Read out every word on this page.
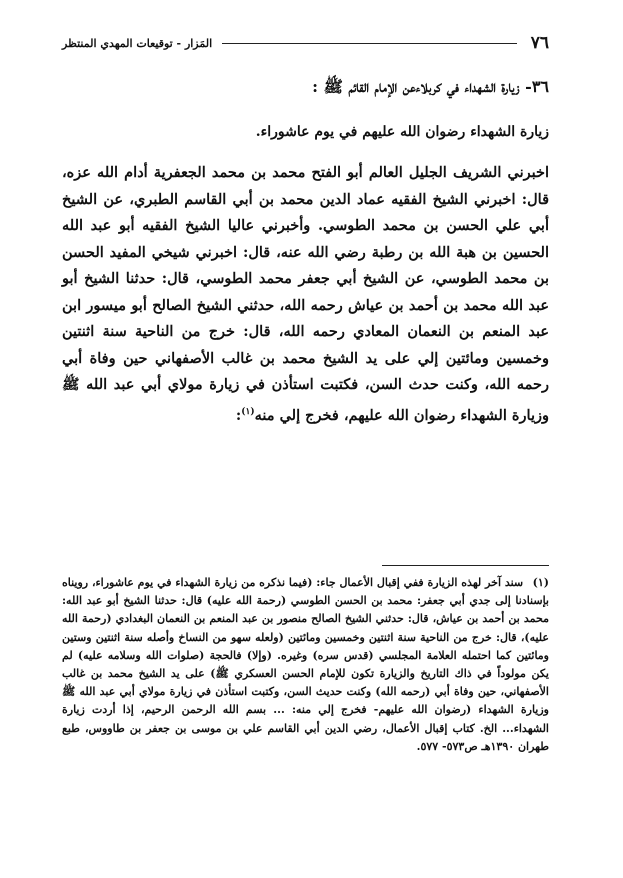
٧٦
المَزار - توقيعات المهدي المنتظر
٣٦- زيارة الشهداء في كربلاءعن الإمام القائم ﷺ :
زيارة الشهداء رضوان الله عليهم في يوم عاشوراء.
اخبرني الشريف الجليل العالم أبو الفتح محمد بن محمد الجعفرية أدام الله عزه، قال: اخبرني الشيخ الفقيه عماد الدين محمد بن أبي القاسم الطبري، عن الشيخ أبي علي الحسن بن محمد الطوسي. وأخبرني عاليا الشيخ الفقيه أبو عبد الله الحسين بن هبة الله بن رطبة رضي الله عنه، قال: اخبرني شيخي المفيد الحسن بن محمد الطوسي، عن الشيخ أبي جعفر محمد الطوسي، قال: حدثنا الشيخ أبو عبد الله محمد بن أحمد بن عياش رحمه الله، حدثني الشيخ الصالح أبو ميسور ابن عبد المنعم بن النعمان المعادي رحمه الله، قال: خرج من الناحية سنة اثنتين وخمسين ومائتين إلي على يد الشيخ محمد بن غالب الأصفهاني حين وفاة أبي رحمه الله، وكنت حدث السن، فكتبت استأذن في زيارة مولاي أبي عبد الله ﷺ وزيارة الشهداء رضوان الله عليهم، فخرج إلي منه$^{(١)}$:
(١) سند آخر لهذه الزيارة ففي إقبال الأعمال جاء: (فيما نذكره من زيارة الشهداء في يوم عاشوراء، رويناه بإسنادنا إلى جدي أبي جعفر: محمد بن الحسن الطوسي (رحمة الله عليه) قال: حدثنا الشيخ أبو عبد الله: محمد بن أحمد بن عياش، قال: حدثني الشيخ الصالح منصور بن عبد المنعم بن النعمان البغدادي (رحمة الله عليه)، قال: خرج من الناحية سنة اثنتين وخمسين ومائتين (ولعله سهو من النساخ وأصله سنة اثنتين وستين ومائتين كما احتمله العلامة المجلسي (قدس سره) وغيره. (وإلا) فالحجة (صلوات الله وسلامه عليه) لم يكن مولوداً في ذاك التاريخ والزيارة تكون للإمام الحسن العسكري ﷺ) على يد الشيخ محمد بن غالب الأصفهاني، حين وفاة أبي (رحمه الله) وكنت حديث السن، وكتبت استأذن في زيارة مولاي أبي عبد الله ﷺ وزيارة الشهداء (رضوان الله عليهم- فخرج إلي منه: ... بسم الله الرحمن الرحيم، إذا أردت زيارة الشهداء... الخ. كتاب إقبال الأعمال، رضي الدين أبي القاسم علي بن موسى بن جعفر بن طاووس، طبع طهران ١٣٩٠هـ ص٥٧٣- ٥٧٧.
